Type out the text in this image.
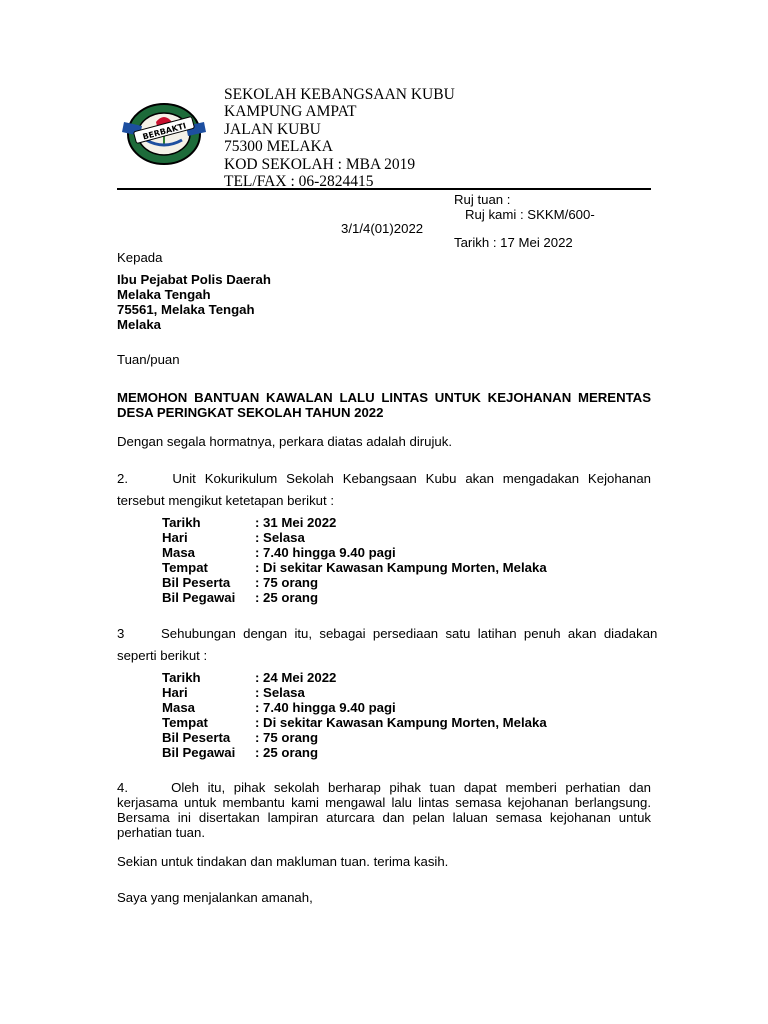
BERBAKTI
SEKOLAH KEBANGSAAN KUBU
KAMPUNG AMPAT
JALAN KUBU
75300 MELAKA
KOD SEKOLAH : MBA 2019
TEL/FAX : 06-2824415
Ruj tuan :
Ruj kami : SKKM/600-
3/1/4(01)2022
Tarikh : 17 Mei 2022
Kepada
Ibu Pejabat Polis Daerah
Melaka Tengah
75561, Melaka Tengah
Melaka
Tuan/puan
MEMOHON BANTUAN KAWALAN LALU LINTAS UNTUK KEJOHANAN MERENTAS
DESA PERINGKAT SEKOLAH TAHUN 2022
Dengan segala hormatnya, perkara diatas adalah dirujuk.
2.          Unit  Kokurikulum  Sekolah  Kebangsaan  Kubu  akan  mengadakan  Kejohanan
tersebut mengikut ketetapan berikut :
Tarikh	: 31 Mei 2022
Hari	: Selasa
Masa	: 7.40 hingga 9.40 pagi
Tempat	: Di sekitar Kawasan Kampung Morten, Melaka
Bil Peserta	: 75 orang
Bil Pegawai	: 25 orang
3          Sehubungan  dengan  itu,  sebagai  persediaan  satu  latihan  penuh  akan  diadakan
seperti berikut :
Tarikh	: 24 Mei 2022
Hari	: Selasa
Masa	: 7.40 hingga 9.40 pagi
Tempat	: Di sekitar Kawasan Kampung Morten, Melaka
Bil Peserta	: 75 orang
Bil Pegawai	: 25 orang
4.          Oleh  itu,  pihak  sekolah  berharap  pihak  tuan  dapat  memberi  perhatian  dan kerjasama untuk membantu kami mengawal lalu lintas semasa kejohanan berlangsung. Bersama ini disertakan lampiran aturcara dan pelan laluan semasa kejohanan untuk perhatian tuan.
Sekian untuk tindakan dan makluman tuan. terima kasih.
Saya yang menjalankan amanah,
